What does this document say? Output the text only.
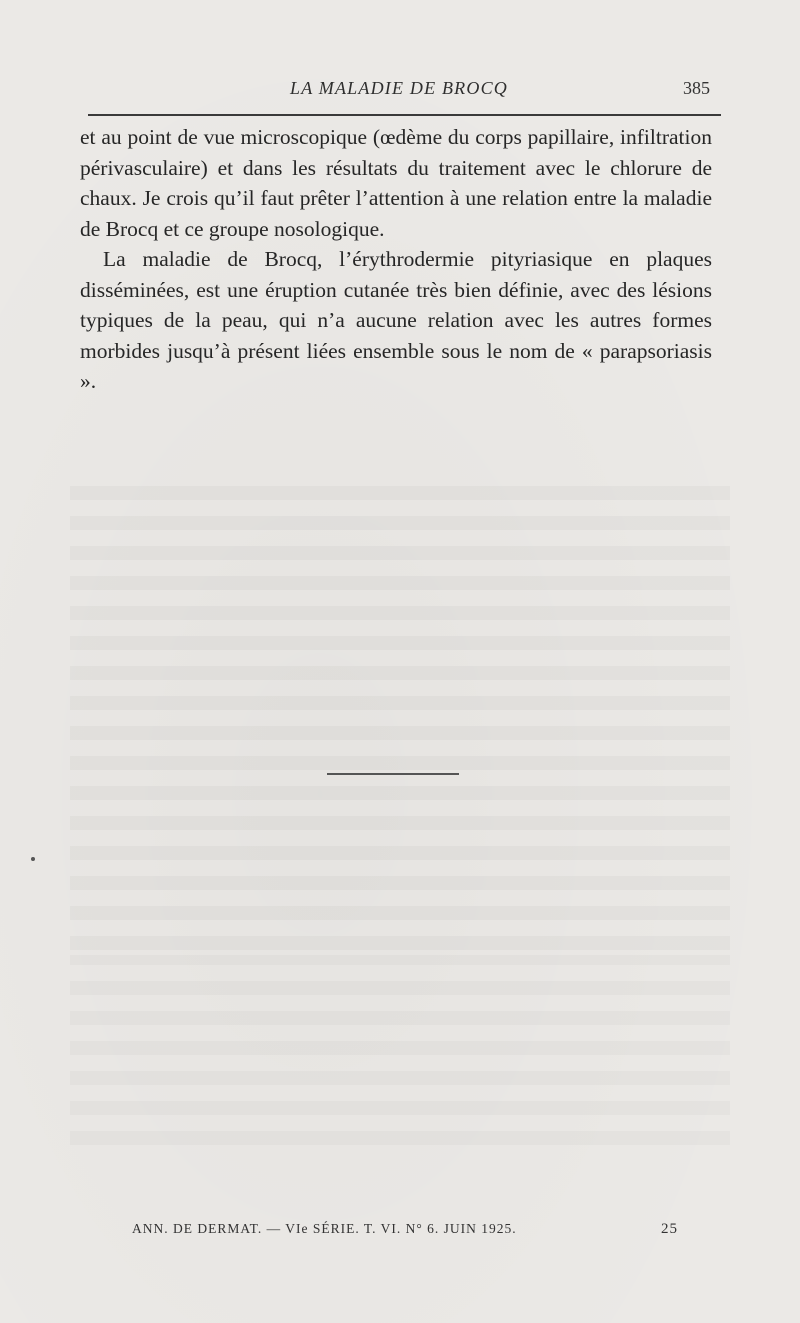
LA MALADIE DE BROCQ	385

et au point de vue microscopique (œdème du corps papillaire, infiltration périvasculaire) et dans les résultats du traitement avec le chlorure de chaux. Je crois qu’il faut prêter l’attention à une relation entre la maladie de Brocq et ce groupe nosologique.

La maladie de Brocq, l’érythrodermie pityriasique en plaques disséminées, est une éruption cutanée très bien définie, avec des lésions typiques de la peau, qui n’a aucune relation avec les autres formes morbides jusqu’à présent liées ensemble sous le nom de « parapsoriasis ».

ANN. DE DERMAT. — VIe SÉRIE. T. VI. N° 6. JUIN 1925.	25
